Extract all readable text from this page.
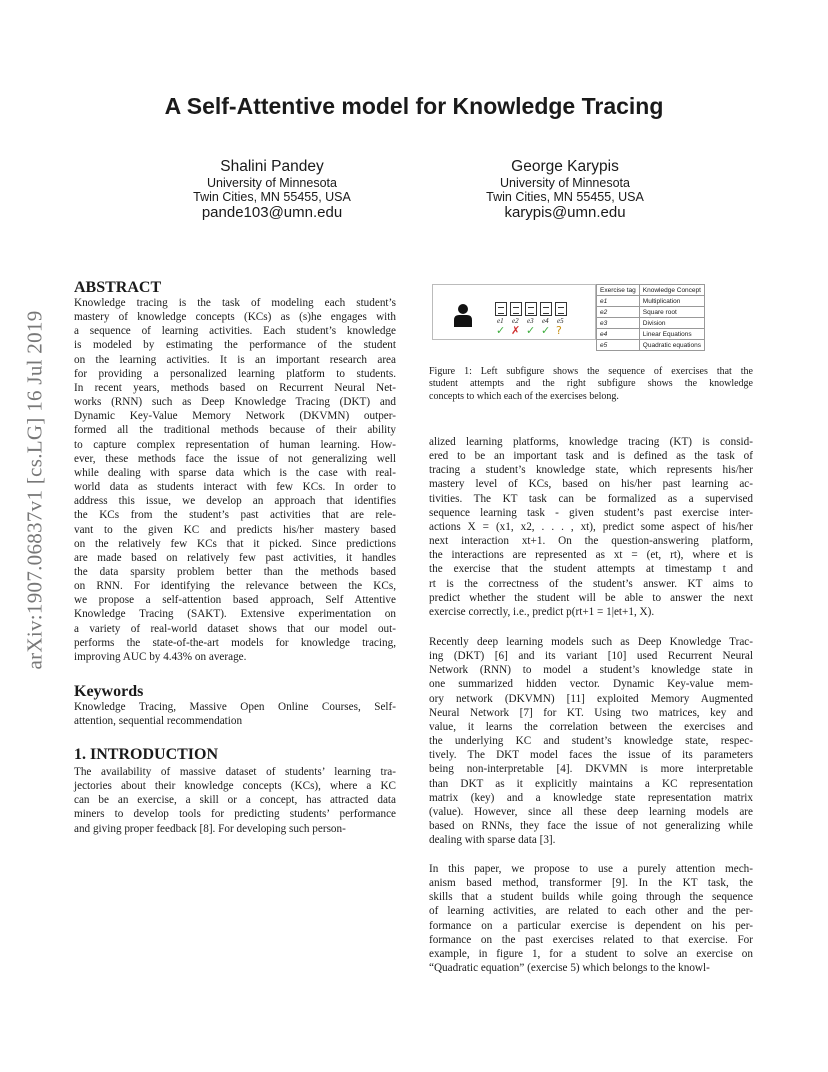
arXiv:1907.06837v1 [cs.LG] 16 Jul 2019
A Self-Attentive model for Knowledge Tracing
Shalini Pandey
University of Minnesota
Twin Cities, MN 55455, USA
pande103@umn.edu
George Karypis
University of Minnesota
Twin Cities, MN 55455, USA
karypis@umn.edu
ABSTRACT
Knowledge tracing is the task of modeling each student’s
mastery of knowledge concepts (KCs) as (s)he engages with
a sequence of learning activities. Each student’s knowledge
is modeled by estimating the performance of the student
on the learning activities. It is an important research area
for providing a personalized learning platform to students.
In recent years, methods based on Recurrent Neural Net-
works (RNN) such as Deep Knowledge Tracing (DKT) and
Dynamic Key-Value Memory Network (DKVMN) outper-
formed all the traditional methods because of their ability
to capture complex representation of human learning. How-
ever, these methods face the issue of not generalizing well
while dealing with sparse data which is the case with real-
world data as students interact with few KCs. In order to
address this issue, we develop an approach that identifies
the KCs from the student’s past activities that are rele-
vant to the given KC and predicts his/her mastery based
on the relatively few KCs that it picked. Since predictions
are made based on relatively few past activities, it handles
the data sparsity problem better than the methods based
on RNN. For identifying the relevance between the KCs,
we propose a self-attention based approach, Self Attentive
Knowledge Tracing (SAKT). Extensive experimentation on
a variety of real-world dataset shows that our model out-
performs the state-of-the-art models for knowledge tracing,
improving AUC by 4.43% on average.
Keywords
Knowledge Tracing, Massive Open Online Courses, Self-
attention, sequential recommendation
1. INTRODUCTION
The availability of massive dataset of students’ learning tra-
jectories about their knowledge concepts (KCs), where a KC
can be an exercise, a skill or a concept, has attracted data
miners to develop tools for predicting students’ performance
and giving proper feedback [8]. For developing such person-
e1
✓
e2
✗
e3
✓
e4
✓
e5
?
Exercise tag	Knowledge Concept
e1	Multiplication
e2	Square root
e3	Division
e4	Linear Equations
e5	Quadratic equations
Figure 1: Left subfigure shows the sequence of exercises that the
student attempts and the right subfigure shows the knowledge
concepts to which each of the exercises belong.
alized learning platforms, knowledge tracing (KT) is consid-
ered to be an important task and is defined as the task of
tracing a student’s knowledge state, which represents his/her
mastery level of KCs, based on his/her past learning ac-
tivities. The KT task can be formalized as a supervised
sequence learning task - given student’s past exercise inter-
actions X = (x1, x2, . . . , xt), predict some aspect of his/her
next interaction xt+1. On the question-answering platform,
the interactions are represented as xt = (et, rt), where et is
the exercise that the student attempts at timestamp t and
rt is the correctness of the student’s answer. KT aims to
predict whether the student will be able to answer the next
exercise correctly, i.e., predict p(rt+1 = 1|et+1, X).
Recently deep learning models such as Deep Knowledge Trac-
ing (DKT) [6] and its variant [10] used Recurrent Neural
Network (RNN) to model a student’s knowledge state in
one summarized hidden vector. Dynamic Key-value mem-
ory network (DKVMN) [11] exploited Memory Augmented
Neural Network [7] for KT. Using two matrices, key and
value, it learns the correlation between the exercises and
the underlying KC and student’s knowledge state, respec-
tively. The DKT model faces the issue of its parameters
being non-interpretable [4]. DKVMN is more interpretable
than DKT as it explicitly maintains a KC representation
matrix (key) and a knowledge state representation matrix
(value). However, since all these deep learning models are
based on RNNs, they face the issue of not generalizing while
dealing with sparse data [3].
In this paper, we propose to use a purely attention mech-
anism based method, transformer [9]. In the KT task, the
skills that a student builds while going through the sequence
of learning activities, are related to each other and the per-
formance on a particular exercise is dependent on his per-
formance on the past exercises related to that exercise. For
example, in figure 1, for a student to solve an exercise on
“Quadratic equation” (exercise 5) which belongs to the knowl-
